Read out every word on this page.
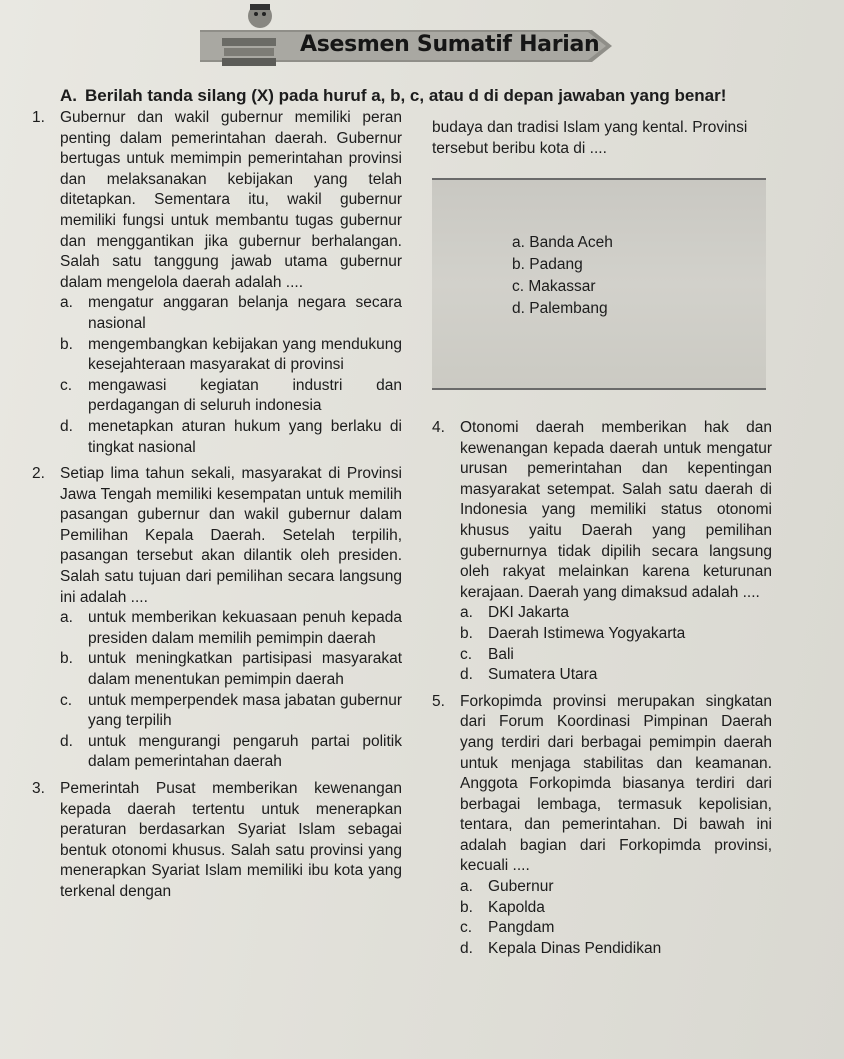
Asesmen Sumatif Harian
A. Berilah tanda silang (X) pada huruf a, b, c, atau d di depan jawaban yang benar!
1. Gubernur dan wakil gubernur memiliki peran penting dalam pemerintahan daerah. Gubernur bertugas untuk memimpin pemerintahan provinsi dan melaksanakan kebijakan yang telah ditetapkan. Sementara itu, wakil gubernur memiliki fungsi untuk membantu tugas gubernur dan menggantikan jika gubernur berhalangan. Salah satu tanggung jawab utama gubernur dalam mengelola daerah adalah ....
a. mengatur anggaran belanja negara secara nasional
b. mengembangkan kebijakan yang mendukung kesejahteraan masyarakat di provinsi
c.	mengawasi kegiatan industri dan perdagangan di seluruh indonesia
d. menetapkan aturan hukum yang berlaku di tingkat nasional
2. Setiap lima tahun sekali, masyarakat di Provinsi Jawa Tengah memiliki kesempatan untuk memilih pasangan gubernur dan wakil gubernur dalam Pemilihan Kepala Daerah. Setelah terpilih, pasangan tersebut akan dilantik oleh presiden. Salah satu tujuan dari pemilihan secara langsung ini adalah ....
a. untuk memberikan kekuasaan penuh kepada presiden dalam memilih pemimpin daerah
b. untuk meningkatkan partisipasi masyarakat dalam menentukan pemimpin daerah
c.	untuk memperpendek masa jabatan gubernur yang terpilih
d. untuk mengurangi pengaruh partai politik dalam pemerintahan daerah
3. Pemerintah Pusat memberikan kewenangan kepada daerah tertentu untuk menerapkan peraturan berdasarkan Syariat Islam sebagai bentuk otonomi khusus. Salah satu provinsi yang menerapkan Syariat Islam memiliki ibu kota yang terkenal dengan
budaya dan tradisi Islam yang kental. Provinsi tersebut beribu kota di ....
a. Banda Aceh
b. Padang
c. Makassar
d. Palembang
4. Otonomi daerah memberikan hak dan kewenangan kepada daerah untuk mengatur urusan pemerintahan dan kepentingan masyarakat setempat. Salah satu daerah di Indonesia yang memiliki status otonomi khusus yaitu Daerah yang pemilihan gubernurnya tidak dipilih secara langsung oleh rakyat melainkan karena keturunan kerajaan. Daerah yang dimaksud adalah ....
a. DKI Jakarta
b. Daerah Istimewa Yogyakarta
c.	Bali
d. Sumatera Utara
5. Forkopimda provinsi merupakan singkatan dari Forum Koordinasi Pimpinan Daerah yang terdiri dari berbagai pemimpin daerah untuk menjaga stabilitas dan keamanan. Anggota Forkopimda biasanya terdiri dari berbagai lembaga, termasuk kepolisian, tentara, dan pemerintahan. Di bawah ini adalah bagian dari Forkopimda provinsi, kecuali ....
a. Gubernur
b. Kapolda
c.	Pangdam
d. Kepala Dinas Pendidikan
